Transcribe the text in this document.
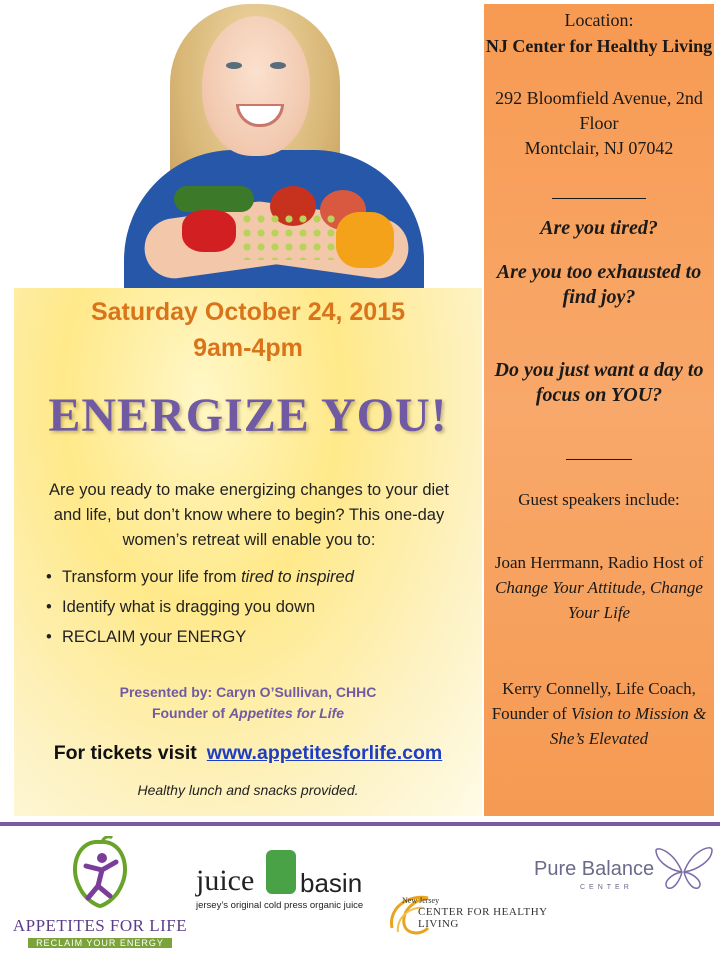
Saturday October 24, 2015

9am-4pm

ENERGIZE YOU!

Are you ready to make energizing changes to your diet and life, but don’t know where to begin? This one-day women’s retreat will enable you to:

• Transform your life from tired to inspired
• Identify what is dragging you down
• RECLAIM your ENERGY

Presented by: Caryn O’Sullivan, CHHC
Founder of Appetites for Life

For tickets visit www.appetitesforlife.com

Healthy lunch and snacks provided.

Location:

NJ Center for Healthy Living

292 Bloomfield Avenue, 2nd Floor
Montclair, NJ 07042

Are you tired?

Are you too exhausted to find joy?

Do you just want a day to focus on YOU?

Guest speakers include:

Joan Herrmann, Radio Host of Change Your Attitude, Change Your Life

Kerry Connelly, Life Coach, Founder of Vision to Mission & She’s Elevated

APPETITES FOR LIFE
RECLAIM YOUR ENERGY
juice basin
jersey’s original cold press organic juice	New Jersey
CENTER FOR HEALTHY LIVING
Pure Balance
CENTER
